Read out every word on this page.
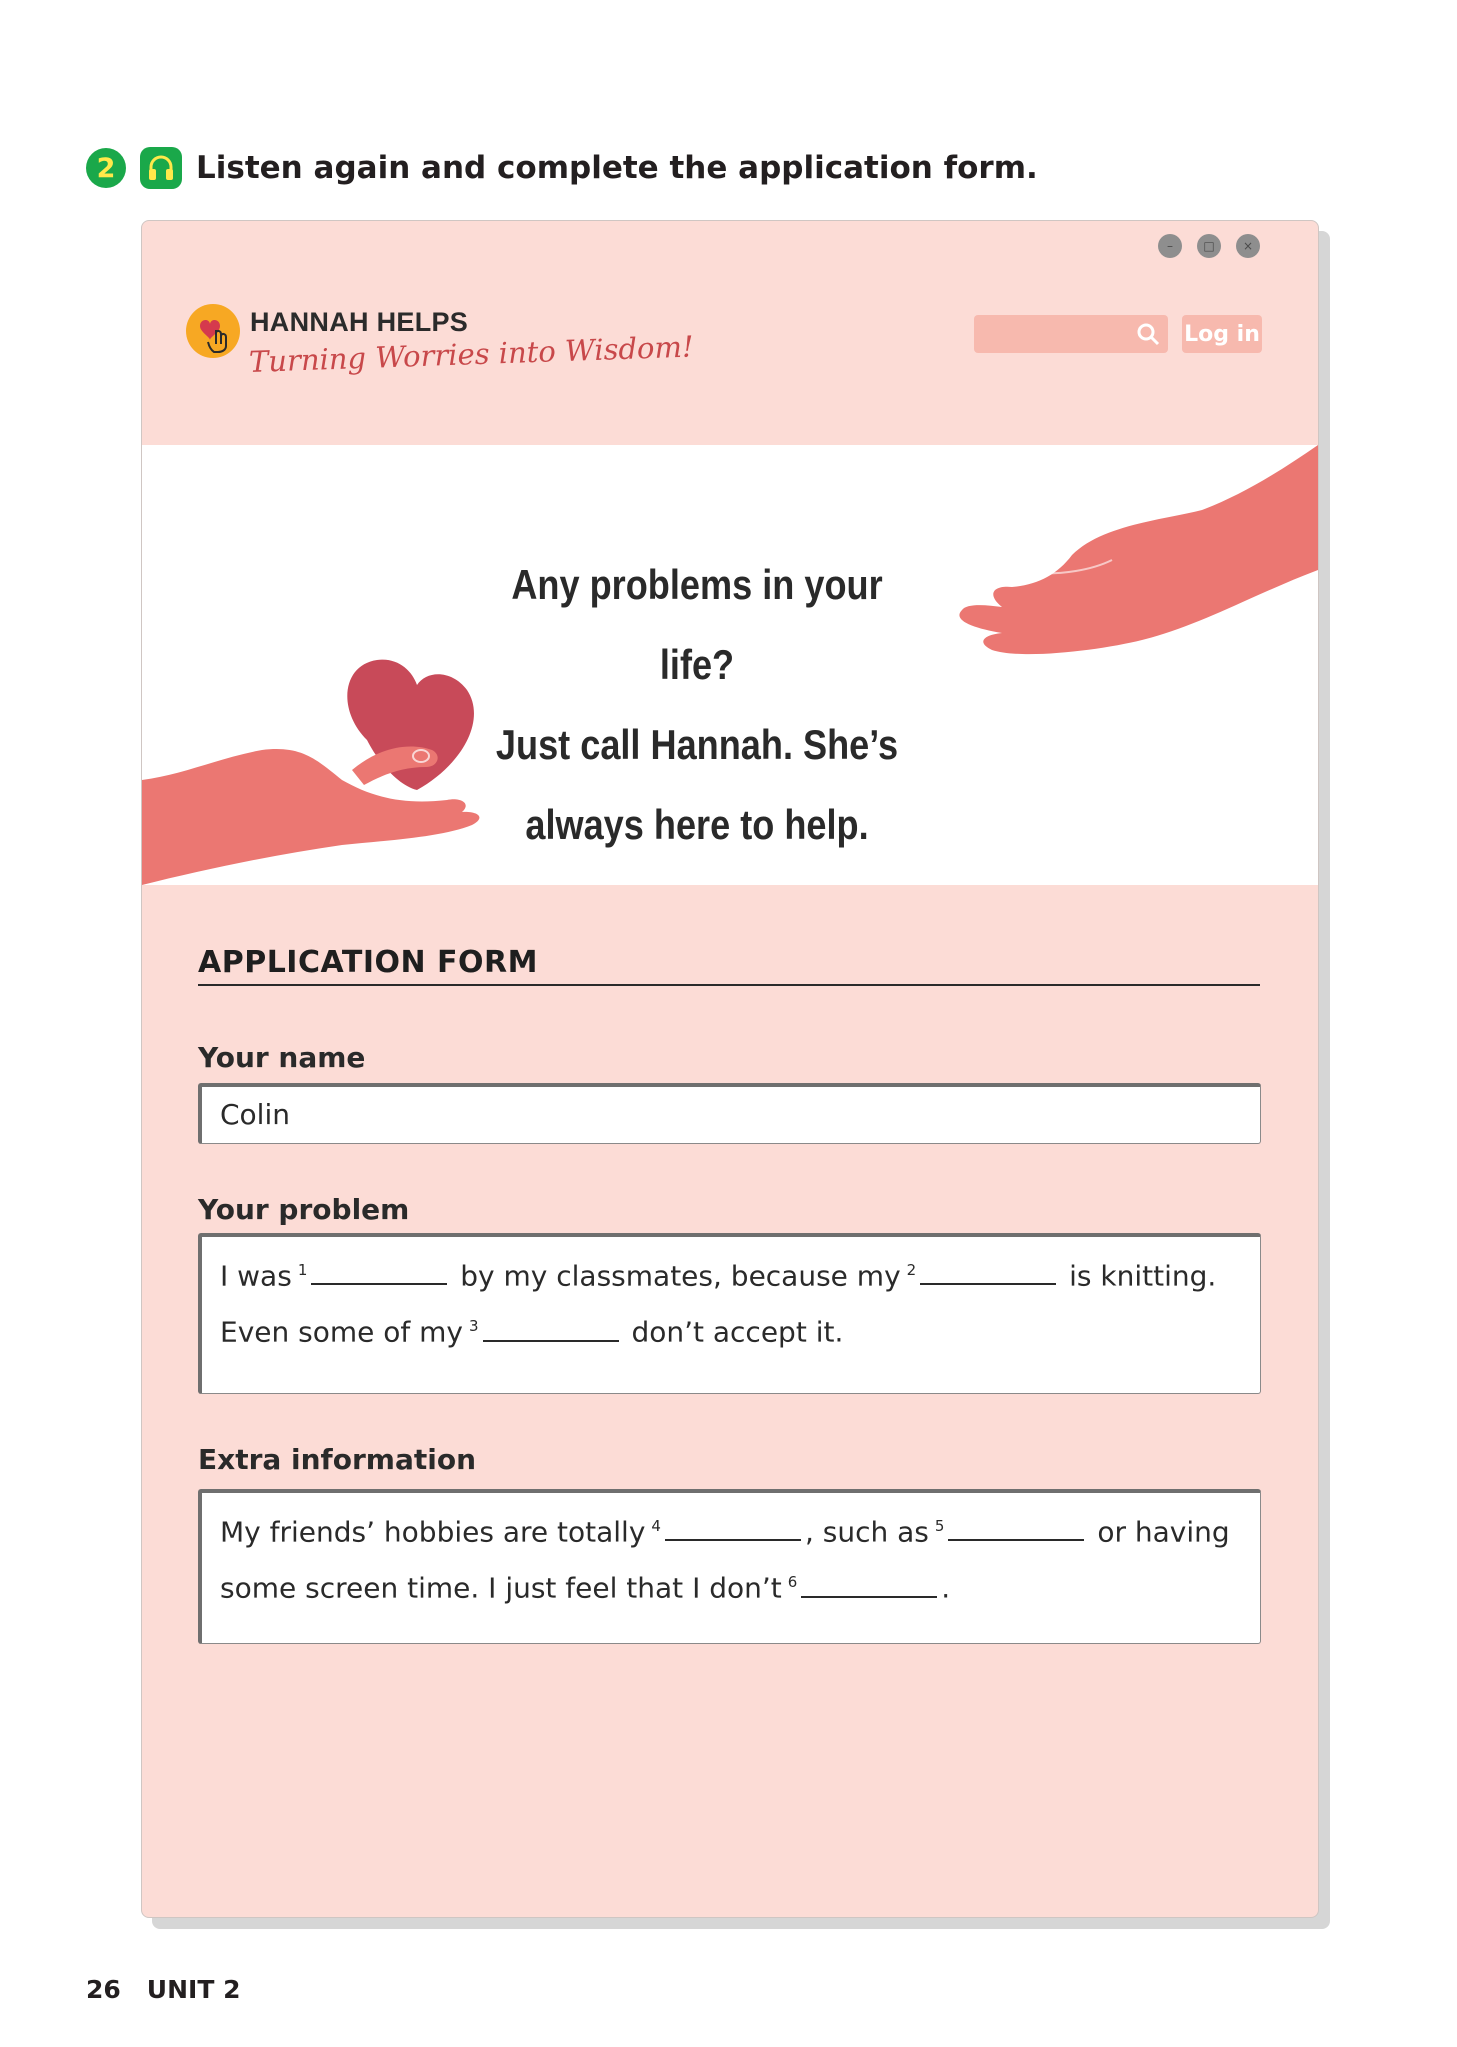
2	Listen again and complete the application form.
–	□	×
HANNAH HELPS
Turning Worries into Wisdom!	Log in
Any problems in your life?
Just call Hannah. She’s
always here to help.
APPLICATION FORM
Your name
Colin
Your problem
I was $^1$	by my classmates, because my $^2$	is knitting.
Even some of my $^3$	don’t accept it.
Extra information
My friends’ hobbies are totally $^4$	, such as $^5$	or having
some screen time. I just feel that I don’t $^6$	.
26 UNIT 2
